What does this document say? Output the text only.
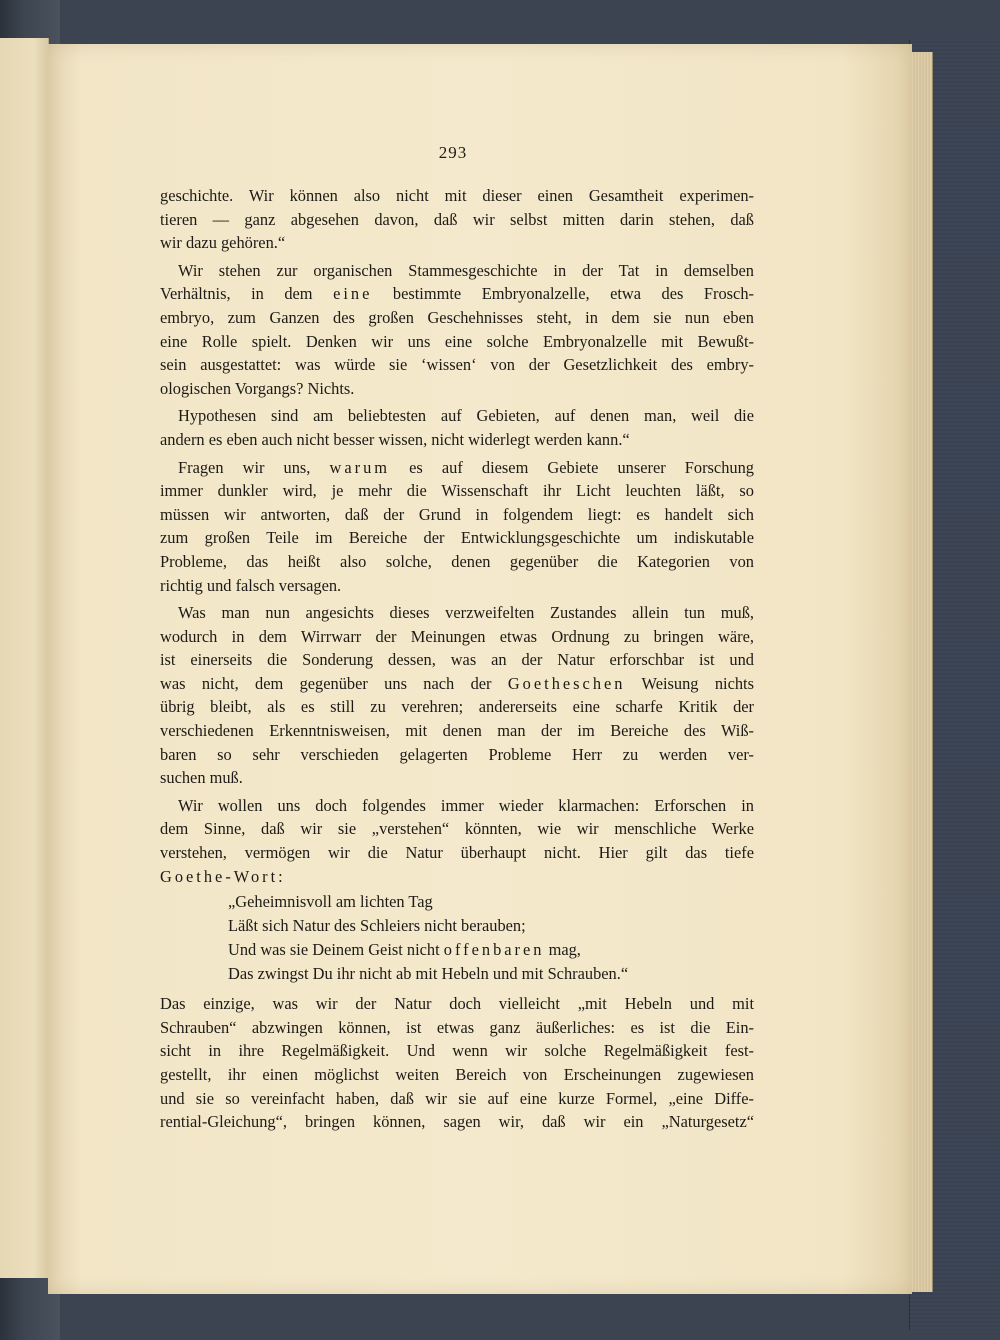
293

geschichte. Wir können also nicht mit dieser einen Gesamtheit experimen-

tieren — ganz abgesehen davon, daß wir selbst mitten darin stehen, daß

wir dazu gehören.“

Wir stehen zur organischen Stammesgeschichte in der Tat in demselben

Verhältnis, in dem eine bestimmte Embryonalzelle, etwa des Frosch-

embryo, zum Ganzen des großen Geschehnisses steht, in dem sie nun eben

eine Rolle spielt. Denken wir uns eine solche Embryonalzelle mit Bewußt-

sein ausgestattet: was würde sie ‘wissen‘ von der Gesetzlichkeit des embry-

ologischen Vorgangs? Nichts.

Hypothesen sind am beliebtesten auf Gebieten, auf denen man, weil die

andern es eben auch nicht besser wissen, nicht widerlegt werden kann.“

Fragen wir uns, warum es auf diesem Gebiete unserer Forschung

immer dunkler wird, je mehr die Wissenschaft ihr Licht leuchten läßt, so

müssen wir antworten, daß der Grund in folgendem liegt: es handelt sich

zum großen Teile im Bereiche der Entwicklungsgeschichte um indiskutable

Probleme, das heißt also solche, denen gegenüber die Kategorien von

richtig und falsch versagen.

Was man nun angesichts dieses verzweifelten Zustandes allein tun muß,

wodurch in dem Wirrwarr der Meinungen etwas Ordnung zu bringen wäre,

ist einerseits die Sonderung dessen, was an der Natur erforschbar ist und

was nicht, dem gegenüber uns nach der Goetheschen Weisung nichts

übrig bleibt, als es still zu verehren; andererseits eine scharfe Kritik der

verschiedenen Erkenntnisweisen, mit denen man der im Bereiche des Wiß-

baren so sehr verschieden gelagerten Probleme Herr zu werden ver-

suchen muß.

Wir wollen uns doch folgendes immer wieder klarmachen: Erforschen in

dem Sinne, daß wir sie „verstehen“ könnten, wie wir menschliche Werke

verstehen, vermögen wir die Natur überhaupt nicht. Hier gilt das tiefe

Goethe-Wort:

„Geheimnisvoll am lichten Tag
Läßt sich Natur des Schleiers nicht berauben;
Und was sie Deinem Geist nicht offenbaren mag,
Das zwingst Du ihr nicht ab mit Hebeln und mit Schrauben.“

Das einzige, was wir der Natur doch vielleicht „mit Hebeln und mit

Schrauben“ abzwingen können, ist etwas ganz äußerliches: es ist die Ein-

sicht in ihre Regelmäßigkeit. Und wenn wir solche Regelmäßigkeit fest-

gestellt, ihr einen möglichst weiten Bereich von Erscheinungen zugewiesen

und sie so vereinfacht haben, daß wir sie auf eine kurze Formel, „eine Diffe-

rential-Gleichung“, bringen können, sagen wir, daß wir ein „Naturgesetz“
